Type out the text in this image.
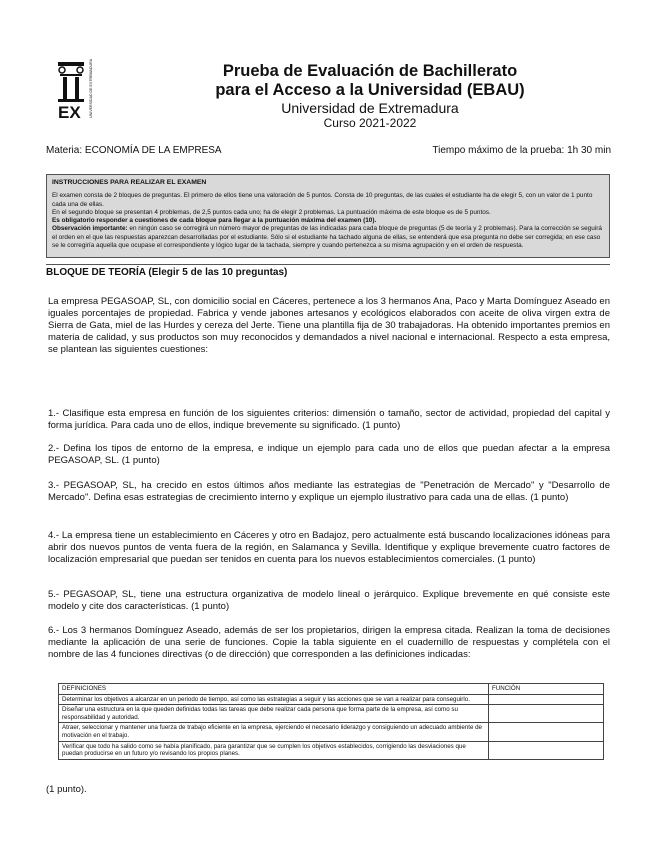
EX UNIVERSIDAD DE EXTREMADURA	Prueba de Evaluación de Bachillerato
para el Acceso a la Universidad (EBAU)
Universidad de Extremadura
Curso 2021-2022
Materia: ECONOMÍA DE LA EMPRESA	Tiempo máximo de la prueba: 1h 30 min
INSTRUCCIONES PARA REALIZAR EL EXAMEN

El examen consta de 2 bloques de preguntas. El primero de ellos tiene una valoración de 5 puntos. Consta de 10 preguntas, de las cuales el estudiante ha de elegir 5, con un valor de 1 punto cada una de ellas.

En el segundo bloque se presentan 4 problemas, de 2,5 puntos cada uno; ha de elegir 2 problemas. La puntuación máxima de este bloque es de 5 puntos.

Es obligatorio responder a cuestiones de cada bloque para llegar a la puntuación máxima del examen (10).

Observación importante: en ningún caso se corregirá un número mayor de preguntas de las indicadas para cada bloque de preguntas (5 de teoría y 2 problemas). Para la corrección se seguirá el orden en el que las respuestas aparezcan desarrolladas por el estudiante. Sólo si el estudiante ha tachado alguna de ellas, se entenderá que esa pregunta no debe ser corregida; en ese caso se le corregiría aquella que ocupase el correspondiente y lógico lugar de la tachada, siempre y cuando pertenezca a su misma agrupación y en el orden de respuesta.

BLOQUE DE TEORÍA (Elegir 5 de las 10 preguntas)

La empresa PEGASOAP, SL, con domicilio social en Cáceres, pertenece a los 3 hermanos Ana, Paco y Marta Domínguez Aseado en iguales porcentajes de propiedad. Fabrica y vende jabones artesanos y ecológicos elaborados con aceite de oliva virgen extra de Sierra de Gata, miel de las Hurdes y cereza del Jerte. Tiene una plantilla fija de 30 trabajadoras. Ha obtenido importantes premios en materia de calidad, y sus productos son muy reconocidos y demandados a nivel nacional e internacional. Respecto a esta empresa, se plantean las siguientes cuestiones:

1.- Clasifique esta empresa en función de los siguientes criterios: dimensión o tamaño, sector de actividad, propiedad del capital y forma jurídica. Para cada uno de ellos, indique brevemente su significado. (1 punto)

2.- Defina los tipos de entorno de la empresa, e indique un ejemplo para cada uno de ellos que puedan afectar a la empresa PEGASOAP, SL. (1 punto)

3.- PEGASOAP, SL, ha crecido en estos últimos años mediante las estrategias de "Penetración de Mercado" y "Desarrollo de Mercado". Defina esas estrategias de crecimiento interno y explique un ejemplo ilustrativo para cada una de ellas. (1 punto)

4.- La empresa tiene un establecimiento en Cáceres y otro en Badajoz, pero actualmente está buscando localizaciones idóneas para abrir dos nuevos puntos de venta fuera de la región, en Salamanca y Sevilla. Identifique y explique brevemente cuatro factores de localización empresarial que puedan ser tenidos en cuenta para los nuevos establecimientos comerciales. (1 punto)

5.- PEGASOAP, SL, tiene una estructura organizativa de modelo lineal o jerárquico. Explique brevemente en qué consiste este modelo y cite dos características. (1 punto)

6.- Los 3 hermanos Domínguez Aseado, además de ser los propietarios, dirigen la empresa citada. Realizan la toma de decisiones mediante la aplicación de una serie de funciones. Copie la tabla siguiente en el cuadernillo de respuestas y complétela con el nombre de las 4 funciones directivas (o de dirección) que corresponden a las definiciones indicadas:

DEFINICIONES	FUNCIÓN
Determinar los objetivos a alcanzar en un periodo de tiempo, así como las estrategias a seguir y las acciones que se van a realizar para conseguirlo.	
Diseñar una estructura en la que queden definidas todas las tareas que debe realizar cada persona que forma parte de la empresa, así como su responsabilidad y autoridad.	
Atraer, seleccionar y mantener una fuerza de trabajo eficiente en la empresa, ejerciendo el necesario liderazgo y consiguiendo un adecuado ambiente de motivación en el trabajo.	
Verificar que todo ha salido como se había planificado, para garantizar que se cumplen los objetivos establecidos, corrigiendo las desviaciones que puedan producirse en un futuro y/o revisando los propios planes.	
(1 punto).
